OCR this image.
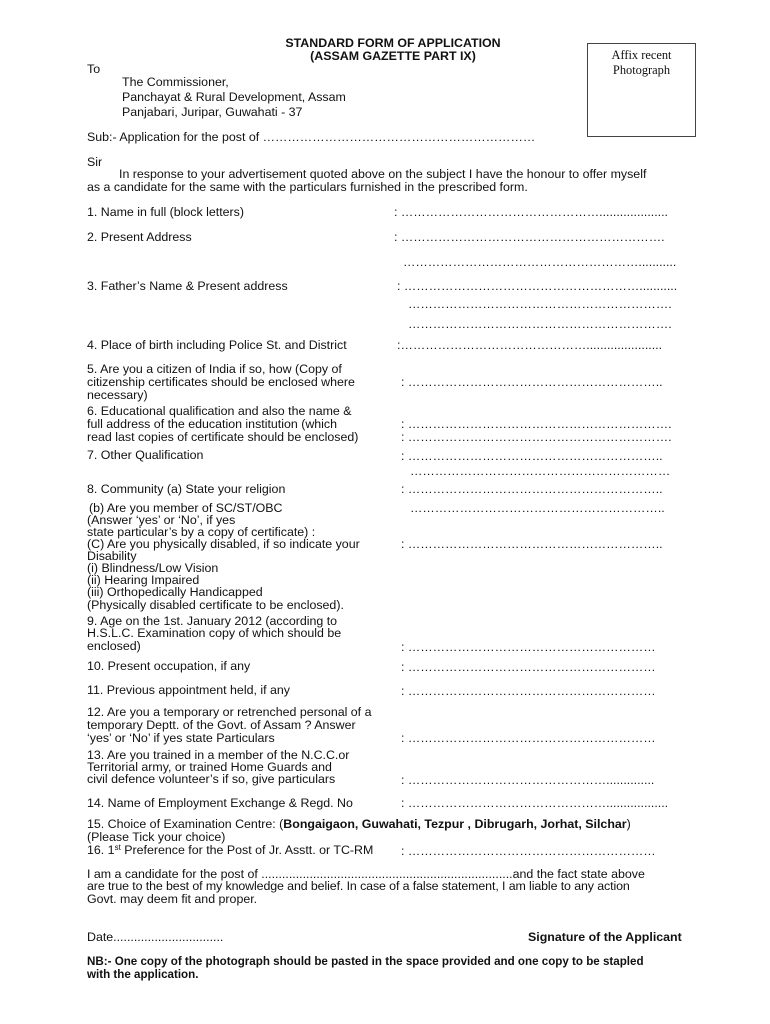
STANDARD FORM OF APPLICATION
(ASSAM GAZETTE PART IX)	Affix recent
Photograph
To
The Commissioner,
Panchayat & Rural Development, Assam
Panjabari, Juripar, Guwahati - 37
Sub:- Application for the post of …………………………………………………………
Sir
In response to your advertisement quoted above on the subject I have the honour to offer myself
as a candidate for the same with the particulars furnished in the prescribed form.
1. Name in full (block letters)	: …………………………………………....................
2. Present Address	: ……………………………………………………….
…………………………………………………...........
3. Father’s Name & Present address	: …………………………………………………...........
……………………………………………………….
……………………………………………………….
4. Place of birth including Police St. and District	:………………………………………......................
5. Are you a citizen of India if so, how (Copy of
citizenship certificates should be enclosed where
necessary)
: ……………………………………………………..
6. Educational qualification and also the name &
full address of the education institution (which
read last copies of certificate should be enclosed)
: ……………………………………………………….
: ……………………………………………………….
7. Other Qualification	: ……………………………………………………..
………………………………………………………
8. Community (a) State your religion	: ……………………………………………………..
(b) Are you member of SC/ST/OBC
(Answer ‘yes’ or ‘No’, if yes
state particular’s by a copy of certificate) :
……………………………………………………..
(C) Are you physically disabled, if so indicate your
Disability
(i) Blindness/Low Vision
(ii) Hearing Impaired
(iii) Orthopedically Handicapped
(Physically disabled certificate to be enclosed).
: ……………………………………………………..
9. Age on the 1st. January 2012 (according to
H.S.L.C. Examination copy of which should be
enclosed)	: ……………………………………………………
10. Present occupation, if any	: ……………………………………………………
11. Previous appointment held, if any	: ……………………………………………………
12. Are you a temporary or retrenched personal of a
temporary Deptt. of the Govt. of Assam ? Answer
‘yes’ or ‘No’ if yes state Particulars	: ……………………………………………………
13. Are you trained in a member of the N.C.C.or
Territorial army, or trained Home Guards and
civil defence volunteer’s if so, give particulars	: …………………………………………..............
14. Name of Employment Exchange & Regd. No	: …………………………………………..................
15. Choice of Examination Centre: (Bongaigaon, Guwahati, Tezpur , Dibrugarh, Jorhat, Silchar)
(Please Tick your choice)
16. 1st Preference for the Post of Jr. Asstt. or TC-RM : ……………………………………………………
I am a candidate for the post of .........................................................................and the fact state above
are true to the best of my knowledge and belief. In case of a false statement, I am liable to any action
Govt. may deem fit and proper.
Date................................	Signature of the Applicant
NB:- One copy of the photograph should be pasted in the space provided and one copy to be stapled
with the application.
